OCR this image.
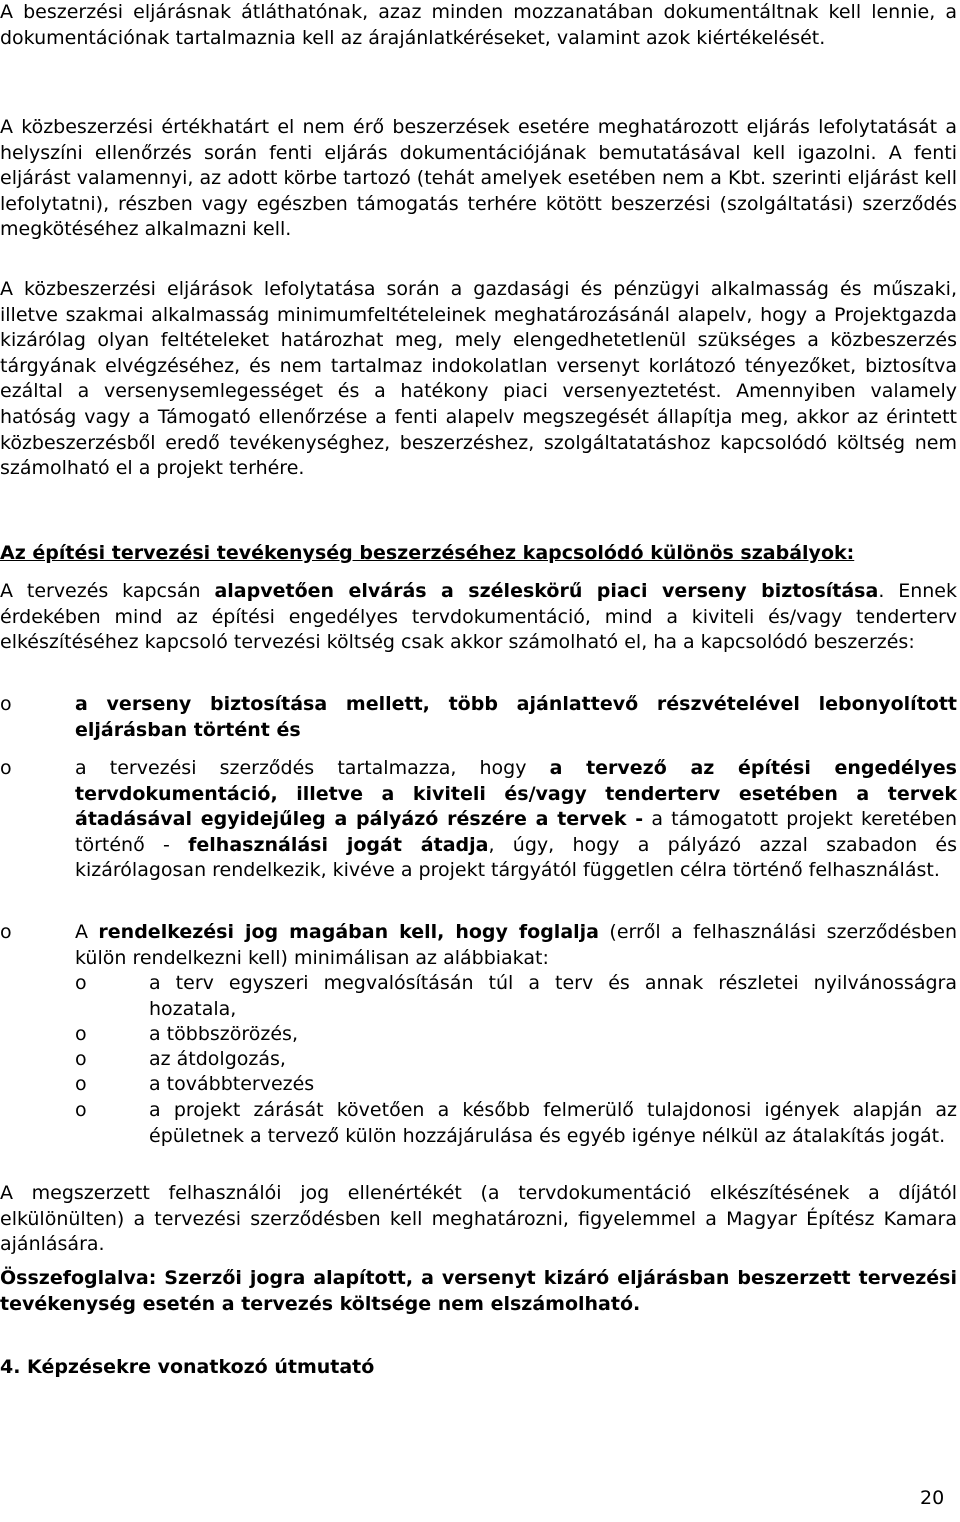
A beszerzési eljárásnak átláthatónak, azaz minden mozzanatában dokumentáltnak kell lennie, a dokumentációnak tartalmaznia kell az árajánlatkéréseket, valamint azok kiértékelését.

A közbeszerzési értékhatárt el nem érő beszerzések esetére meghatározott eljárás lefolytatását a helyszíni ellenőrzés során fenti eljárás dokumentációjának bemutatásával kell igazolni. A fenti eljárást valamennyi, az adott körbe tartozó (tehát amelyek esetében nem a Kbt. szerinti eljárást kell lefolytatni), részben vagy egészben támogatás terhére kötött beszerzési (szolgáltatási) szerződés megkötéséhez alkalmazni kell.

A közbeszerzési eljárások lefolytatása során a gazdasági és pénzügyi alkalmasság és műszaki, illetve szakmai alkalmasság minimumfeltételeinek meghatározásánál alapelv, hogy a Projektgazda kizárólag olyan feltételeket határozhat meg, mely elengedhetetlenül szükséges a közbeszerzés tárgyának elvégzéséhez, és nem tartalmaz indokolatlan versenyt korlátozó tényezőket, biztosítva ezáltal a versenysemlegességet és a hatékony piaci versenyeztetést. Amennyiben valamely hatóság vagy a Támogató ellenőrzése a fenti alapelv megszegését állapítja meg, akkor az érintett közbeszerzésből eredő tevékenységhez, beszerzéshez, szolgáltatatáshoz kapcsolódó költség nem számolható el a projekt terhére.

Az építési tervezési tevékenység beszerzéséhez kapcsolódó különös szabályok:

A tervezés kapcsán alapvetően elvárás a széleskörű piaci verseny biztosítása. Ennek érdekében mind az építési engedélyes tervdokumentáció, mind a kiviteli és/vagy tenderterv elkészítéséhez kapcsoló tervezési költség csak akkor számolható el, ha a kapcsolódó beszerzés:

o	a verseny biztosítása mellett, több ajánlattevő részvételével lebonyolított eljárásban történt és

o	a tervezési szerződés tartalmazza, hogy a tervező az építési engedélyes tervdokumentáció, illetve a kiviteli és/vagy tenderterv esetében a tervek átadásával egyidejűleg a pályázó részére a tervek - a támogatott projekt keretében történő - felhasználási jogát átadja, úgy, hogy a pályázó azzal szabadon és kizárólagosan rendelkezik, kivéve a projekt tárgyától független célra történő felhasználást.

o	A rendelkezési jog magában kell, hogy foglalja (erről a felhasználási szerződésben külön rendelkezni kell) minimálisan az alábbiakat:

o	a terv egyszeri megvalósításán túl a terv és annak részletei nyilvánosságra hozatala,

o	a többszörözés,

o	az átdolgozás,

o	a továbbtervezés

o	a projekt zárását követően a később felmerülő tulajdonosi igények alapján az épületnek a tervező külön hozzájárulása és egyéb igénye nélkül az átalakítás jogát.

A megszerzett felhasználói jog ellenértékét (a tervdokumentáció elkészítésének a díjától elkülönülten) a tervezési szerződésben kell meghatározni, figyelemmel a Magyar Építész Kamara ajánlására.

Összefoglalva: Szerzői jogra alapított, a versenyt kizáró eljárásban beszerzett tervezési tevékenység esetén a tervezés költsége nem elszámolható.

4. Képzésekre vonatkozó útmutató

20
